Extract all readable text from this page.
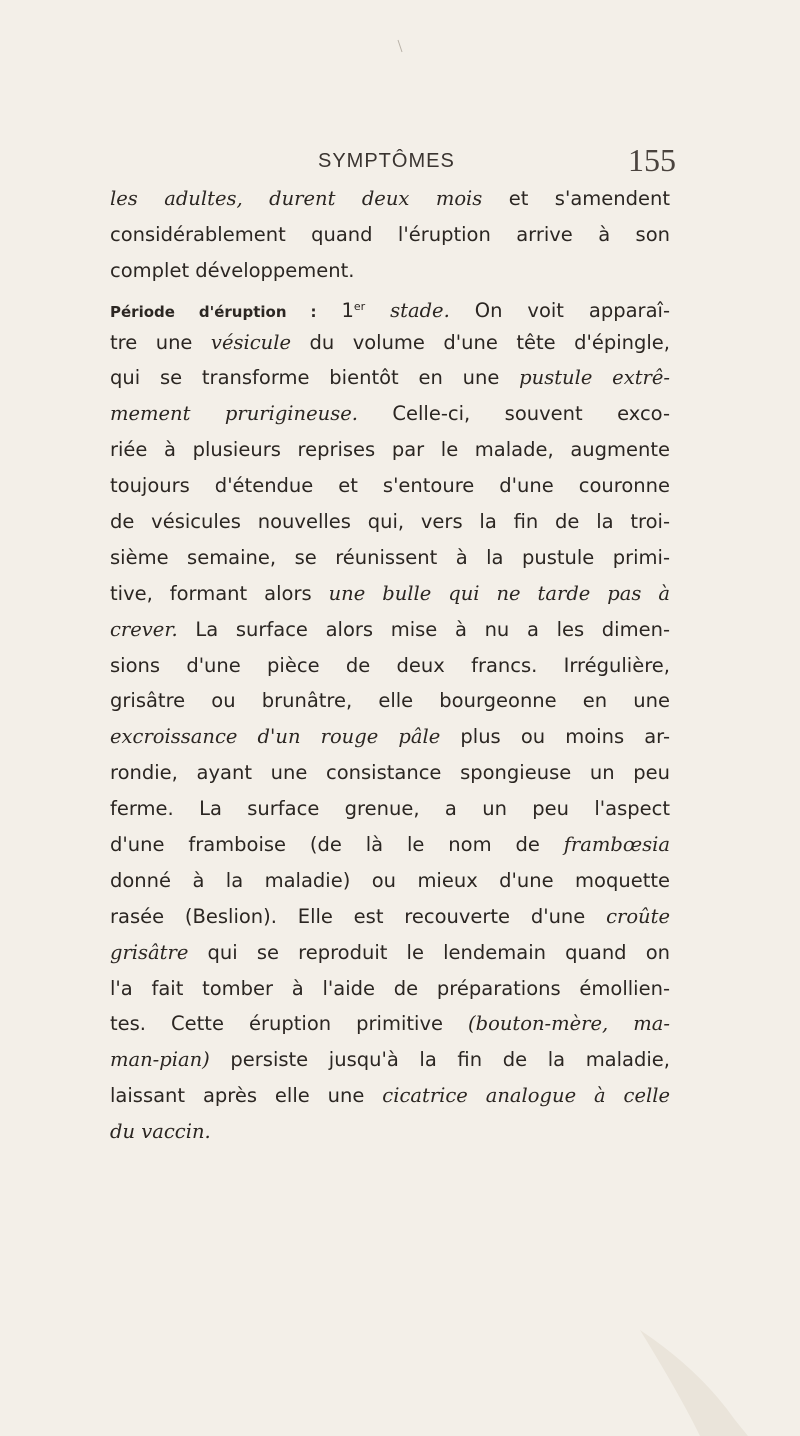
SYMPTÔMES	155
les adultes, durent deux mois et s'amendent
considérablement quand l'éruption arrive à son
complet développement.
Période d'éruption : 1er stade. On voit apparaî-
tre une vésicule du volume d'une tête d'épingle,
qui se transforme bientôt en une pustule extrê-
mement prurigineuse. Celle-ci, souvent exco-
riée à plusieurs reprises par le malade, augmente
toujours d'étendue et s'entoure d'une couronne
de vésicules nouvelles qui, vers la fin de la troi-
sième semaine, se réunissent à la pustule primi-
tive, formant alors une bulle qui ne tarde pas à
crever. La surface alors mise à nu a les dimen-
sions d'une pièce de deux francs. Irrégulière,
grisâtre ou brunâtre, elle bourgeonne en une
excroissance d'un rouge pâle plus ou moins ar-
rondie, ayant une consistance spongieuse un peu
ferme. La surface grenue, a un peu l'aspect
d'une framboise (de là le nom de frambœsia
donné à la maladie) ou mieux d'une moquette
rasée (Beslion). Elle est recouverte d'une croûte
grisâtre qui se reproduit le lendemain quand on
l'a fait tomber à l'aide de préparations émollien-
tes. Cette éruption primitive (bouton-mère, ma-
man-pian) persiste jusqu'à la fin de la maladie,
laissant après elle une cicatrice analogue à celle
du vaccin.
